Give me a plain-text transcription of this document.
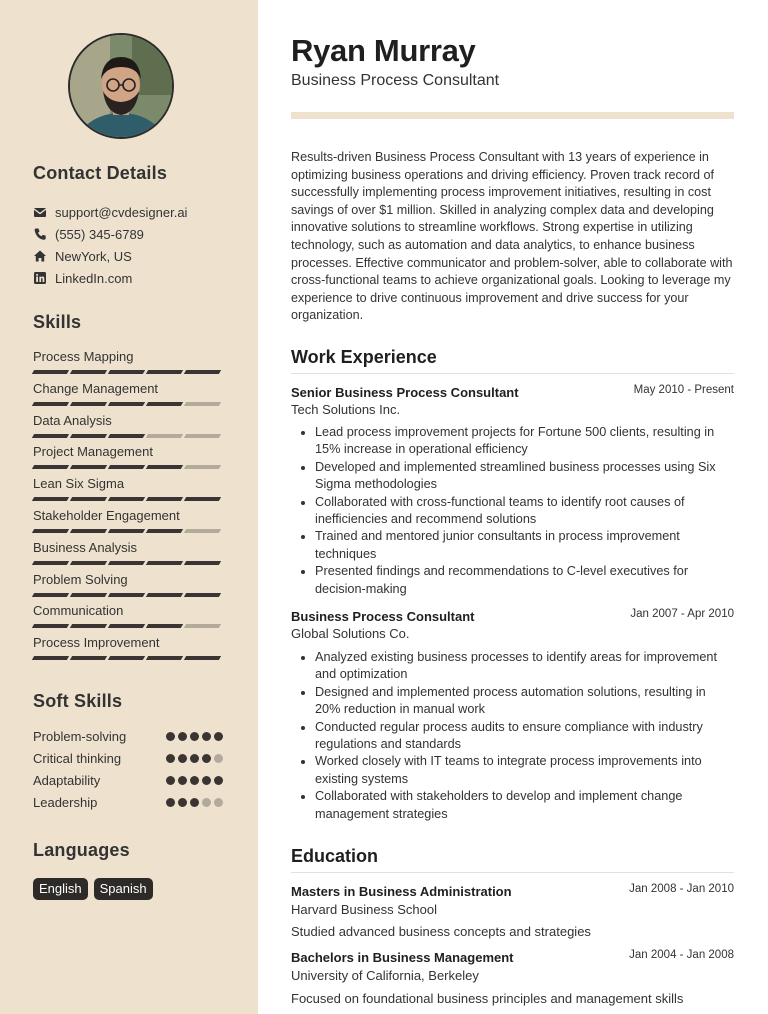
Contact Details
support@cvdesigner.ai
(555) 345-6789
NewYork, US
LinkedIn.com
Skills
Process Mapping
Change Management
Data Analysis
Project Management
Lean Six Sigma
Stakeholder Engagement
Business Analysis
Problem Solving
Communication
Process Improvement
Soft Skills
Problem-solving
Critical thinking
Adaptability
Leadership
Languages
English	Spanish
Ryan Murray
Business Process Consultant

Results-driven Business Process Consultant with 13 years of experience in optimizing business operations and driving efficiency. Proven track record of successfully implementing process improvement initiatives, resulting in cost savings of over $1 million. Skilled in analyzing complex data and developing innovative solutions to streamline workflows. Strong expertise in utilizing technology, such as automation and data analytics, to enhance business processes. Effective communicator and problem-solver, able to collaborate with cross-functional teams to achieve organizational goals. Looking to leverage my experience to drive continuous improvement and drive success for your organization.

Work Experience
Senior Business Process Consultant	May 2010 - Present
Tech Solutions Inc.
• Lead process improvement projects for Fortune 500 clients, resulting in 15% increase in operational efficiency
• Developed and implemented streamlined business processes using Six Sigma methodologies
• Collaborated with cross-functional teams to identify root causes of inefficiencies and recommend solutions
• Trained and mentored junior consultants in process improvement techniques
• Presented findings and recommendations to C-level executives for decision-making
Business Process Consultant	Jan 2007 - Apr 2010
Global Solutions Co.
• Analyzed existing business processes to identify areas for improvement and optimization
• Designed and implemented process automation solutions, resulting in 20% reduction in manual work
• Conducted regular process audits to ensure compliance with industry regulations and standards
• Worked closely with IT teams to integrate process improvements into existing systems
• Collaborated with stakeholders to develop and implement change management strategies
Education
Masters in Business Administration	Jan 2008 - Jan 2010
Harvard Business School
Studied advanced business concepts and strategies
Bachelors in Business Management	Jan 2004 - Jan 2008
University of California, Berkeley
Focused on foundational business principles and management skills
